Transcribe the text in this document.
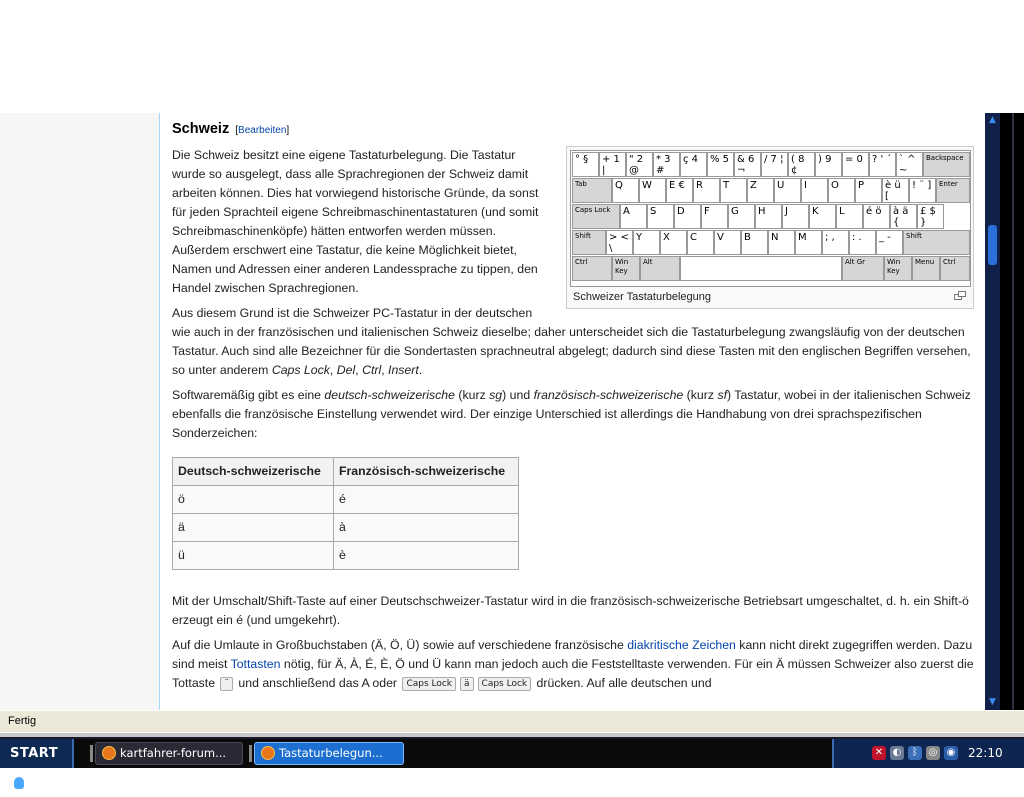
Schweiz [Bearbeiten]
° §	+ 1 |
" 2 @
* 3 #
ç 4	% 5 & 6 ¬
/ 7 ¦ ( 8 ¢
) 9	= 0 ? ' ´ ` ^ ~
Backspace
Tab	Q	W	E €	R	T	Z	U	I	O	P	è ü [
! ¨ ]	Enter
Caps Lock	A	S	D	F	G	H	J	K	L	é ö	à ä {
£ $ }
Shift	> < \
Y	X	C	V	B	N	M	; ,	: .	_ -	Shift
Ctrl	Win Key
Alt	Alt Gr	Win Key
Menu	Ctrl
Schweizer Tastaturbelegung

Die Schweiz besitzt eine eigene Tastaturbelegung. Die Tastatur wurde so ausgelegt, dass alle Sprachregionen der Schweiz damit arbeiten können. Dies hat vorwiegend historische Gründe, da sonst für jeden Sprachteil eigene Schreibmaschinentastaturen (und somit Schreibmaschinenköpfe) hätten entworfen werden müssen. Außerdem erschwert eine Tastatur, die keine Möglichkeit bietet, Namen und Adressen einer anderen Landessprache zu tippen, den Handel zwischen Sprachregionen.

Aus diesem Grund ist die Schweizer PC-Tastatur in der deutschen wie auch in der französischen und italienischen Schweiz dieselbe; daher unterscheidet sich die Tastaturbelegung zwangsläufig von der deutschen Tastatur. Auch sind alle Bezeichner für die Sondertasten sprachneutral abgelegt; dadurch sind diese Tasten mit den englischen Begriffen versehen, so unter anderem Caps Lock, Del, Ctrl, Insert.

Softwaremäßig gibt es eine deutsch-schweizerische (kurz sg) und französisch-schweizerische (kurz sf) Tastatur, wobei in der italienischen Schweiz ebenfalls die französische Einstellung verwendet wird. Der einzige Unterschied ist allerdings die Handhabung von drei sprachspezifischen Sonderzeichen:

Deutsch-schweizerische	Französisch-schweizerische
ö	é
ä	à
ü	è

Mit der Umschalt/Shift-Taste auf einer Deutschschweizer-Tastatur wird in die französisch-schweizerische Betriebsart umgeschaltet, d. h. ein Shift-ö erzeugt ein é (und umgekehrt).

Auf die Umlaute in Großbuchstaben (Ä, Ö, Ü) sowie auf verschiedene französische diakritische Zeichen kann nicht direkt zugegriffen werden. Dazu sind meist Tottasten nötig, für Ä, À, É, È, Ö und Ü kann man jedoch auch die Feststelltaste verwenden. Für ein Ä müssen Schweizer also zuerst die Tottaste ¨ und anschließend das A oder Caps Lock ä Caps Lock drücken. Auf alle deutschen und

▲
▼
Fertig
START	kartfahrer-forum...	Tastaturbelegun...	✕ ◐	ᛒ	◎ ◉ 22:10
